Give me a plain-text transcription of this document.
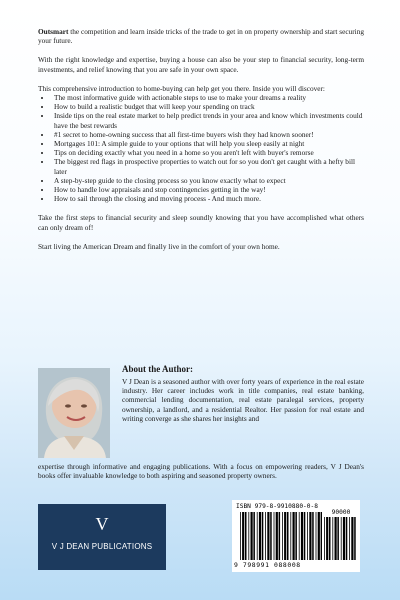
Outsmart the competition and learn inside tricks of the trade to get in on property ownership and start securing your future.

With the right knowledge and expertise, buying a house can also be your step to financial security, long-term investments, and relief knowing that you are safe in your own space.

This comprehensive introduction to home-buying can help get you there. Inside you will discover:

• The most informative guide with actionable steps to use to make your dreams a reality
• How to build a realistic budget that will keep your spending on track
• Inside tips on the real estate market to help predict trends in your area and know which investments could have the best rewards
• #1 secret to home-owning success that all first-time buyers wish they had known sooner!
• Mortgages 101: A simple guide to your options that will help you sleep easily at night
• Tips on deciding exactly what you need in a home so you aren't left with buyer's remorse
• The biggest red flags in prospective properties to watch out for so you don't get caught with a hefty bill later
• A step-by-step guide to the closing process so you know exactly what to expect
• How to handle low appraisals and stop contingencies getting in the way!
• How to sail through the closing and moving process - And much more.

Take the first steps to financial security and sleep soundly knowing that you have accomplished what others can only dream of!

Start living the American Dream and finally live in the comfort of your own home.

About the Author:
V J Dean is a seasoned author with over forty years of experience in the real estate industry. Her career includes work in title companies, real estate banking, commercial lending documentation, real estate paralegal services, property ownership, a landlord, and a residential Realtor. Her passion for real estate and writing converge as she shares her insights and
expertise through informative and engaging publications. With a focus on empowering readers, V J Dean's books offer invaluable knowledge to both aspiring and seasoned property owners.
V
V J DEAN PUBLICATIONS
ISBN 979-8-9910880-0-8
90000
9 798991 088008
